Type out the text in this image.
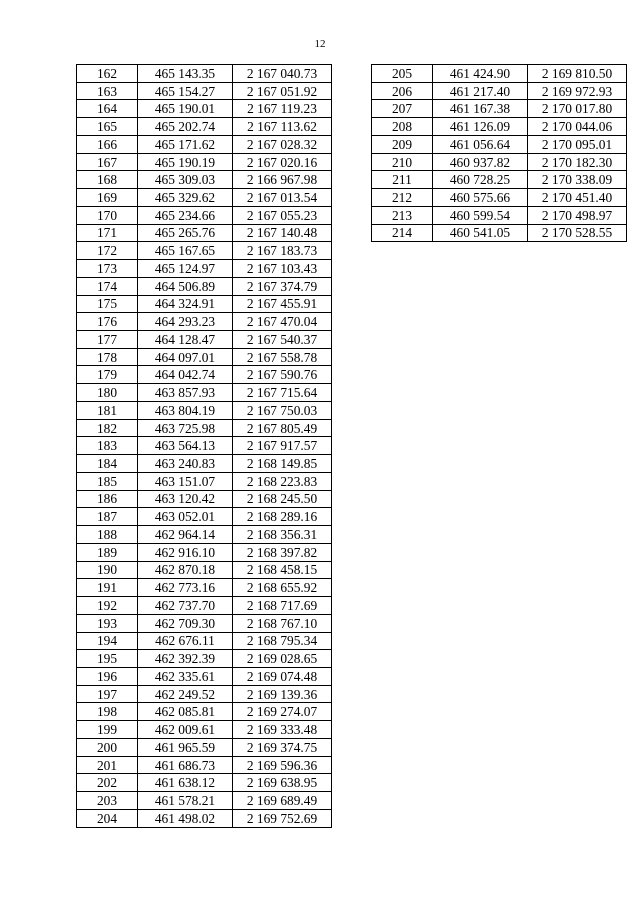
12
162	465 143.35	2 167 040.73
163	465 154.27	2 167 051.92
164	465 190.01	2 167 119.23
165	465 202.74	2 167 113.62
166	465 171.62	2 167 028.32
167	465 190.19	2 167 020.16
168	465 309.03	2 166 967.98
169	465 329.62	2 167 013.54
170	465 234.66	2 167 055.23
171	465 265.76	2 167 140.48
172	465 167.65	2 167 183.73
173	465 124.97	2 167 103.43
174	464 506.89	2 167 374.79
175	464 324.91	2 167 455.91
176	464 293.23	2 167 470.04
177	464 128.47	2 167 540.37
178	464 097.01	2 167 558.78
179	464 042.74	2 167 590.76
180	463 857.93	2 167 715.64
181	463 804.19	2 167 750.03
182	463 725.98	2 167 805.49
183	463 564.13	2 167 917.57
184	463 240.83	2 168 149.85
185	463 151.07	2 168 223.83
186	463 120.42	2 168 245.50
187	463 052.01	2 168 289.16
188	462 964.14	2 168 356.31
189	462 916.10	2 168 397.82
190	462 870.18	2 168 458.15
191	462 773.16	2 168 655.92
192	462 737.70	2 168 717.69
193	462 709.30	2 168 767.10
194	462 676.11	2 168 795.34
195	462 392.39	2 169 028.65
196	462 335.61	2 169 074.48
197	462 249.52	2 169 139.36
198	462 085.81	2 169 274.07
199	462 009.61	2 169 333.48
200	461 965.59	2 169 374.75
201	461 686.73	2 169 596.36
202	461 638.12	2 169 638.95
203	461 578.21	2 169 689.49
204	461 498.02	2 169 752.69
205	461 424.90	2 169 810.50
206	461 217.40	2 169 972.93
207	461 167.38	2 170 017.80
208	461 126.09	2 170 044.06
209	461 056.64	2 170 095.01
210	460 937.82	2 170 182.30
211	460 728.25	2 170 338.09
212	460 575.66	2 170 451.40
213	460 599.54	2 170 498.97
214	460 541.05	2 170 528.55
